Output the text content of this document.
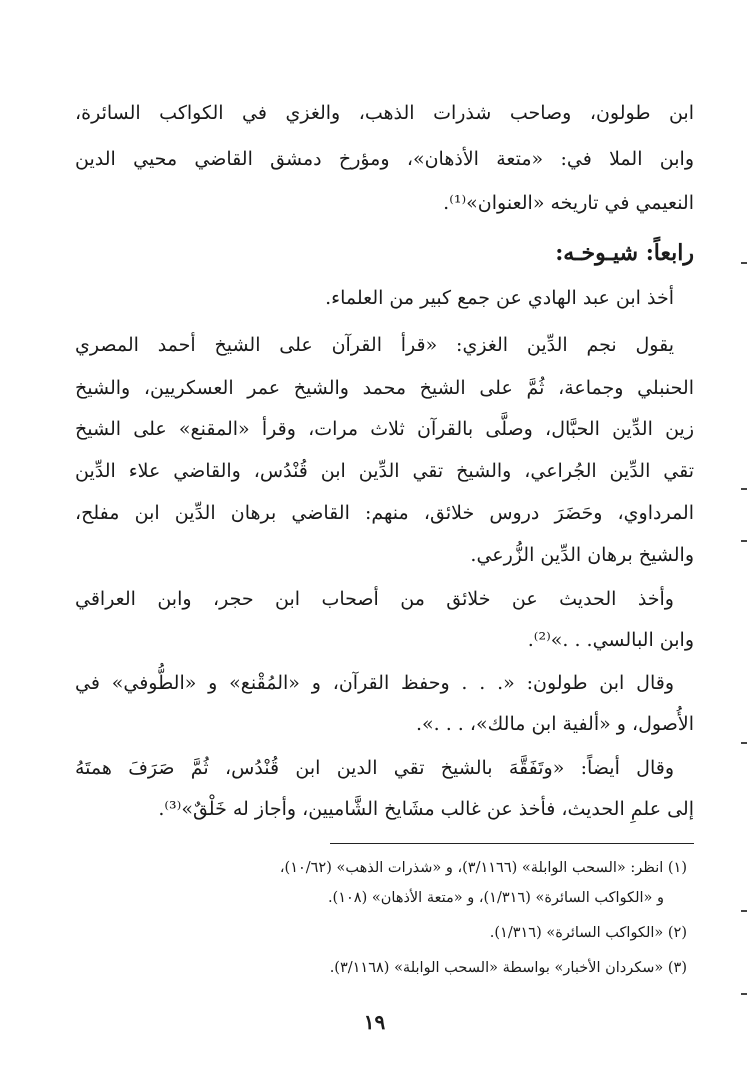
ابن طولون، وصاحب شذرات الذهب، والغزي في الكواكب السائرة،
وابن الملا في: «متعة الأذهان»، ومؤرخ دمشق القاضي محيي الدين
النعيمي في تاريخه «العنوان»⁽¹⁾.
رابعاً: شيـوخـه:
أخذ ابن عبد الهادي عن جمع كبير من العلماء.
يقول نجم الدِّين الغزي: «قرأ القرآن على الشيخ أحمد المصري
الحنبلي وجماعة، ثُمَّ على الشيخ محمد والشيخ عمر العسكريين، والشيخ
زين الدِّين الحبَّال، وصلَّى بالقرآن ثلاث مرات، وقرأ «المقنع» على الشيخ
تقي الدِّين الجُراعي، والشيخ تقي الدِّين ابن قُنْدُس، والقاضي علاء الدِّين
المرداوي، وحَضَرَ دروس خلائق، منهم: القاضي برهان الدِّين ابن مفلح،
والشيخ برهان الدِّين الزُّرعي.
وأخذ الحديث عن خلائق من أصحاب ابن حجر، وابن العراقي
وابن البالسي. . .»⁽²⁾.
وقال ابن طولون: «. . . وحفظ القرآن، و «المُقْنع» و «الطُّوفي» في
الأُصول، و «ألفية ابن مالك»، . . .».
وقال أيضاً: «وتَفَقَّهَ بالشيخ تقي الدين ابن قُنْدُس، ثُمَّ صَرَفَ همتَهُ
إلى علمِ الحديث، فأخذ عن غالب مشَايخ الشَّاميين، وأجاز له خَلْقٌ»⁽³⁾.
(١) انظر: «السحب الوابلة» (٣/١١٦٦)، و «شذرات الذهب» (١٠/٦٢)،
و «الكواكب السائرة» (١/٣١٦)، و «متعة الأذهان» (١٠٨).
(٢) «الكواكب السائرة» (١/٣١٦).
(٣) «سكردان الأخبار» بواسطة «السحب الوابلة» (٣/١١٦٨).
١٩
